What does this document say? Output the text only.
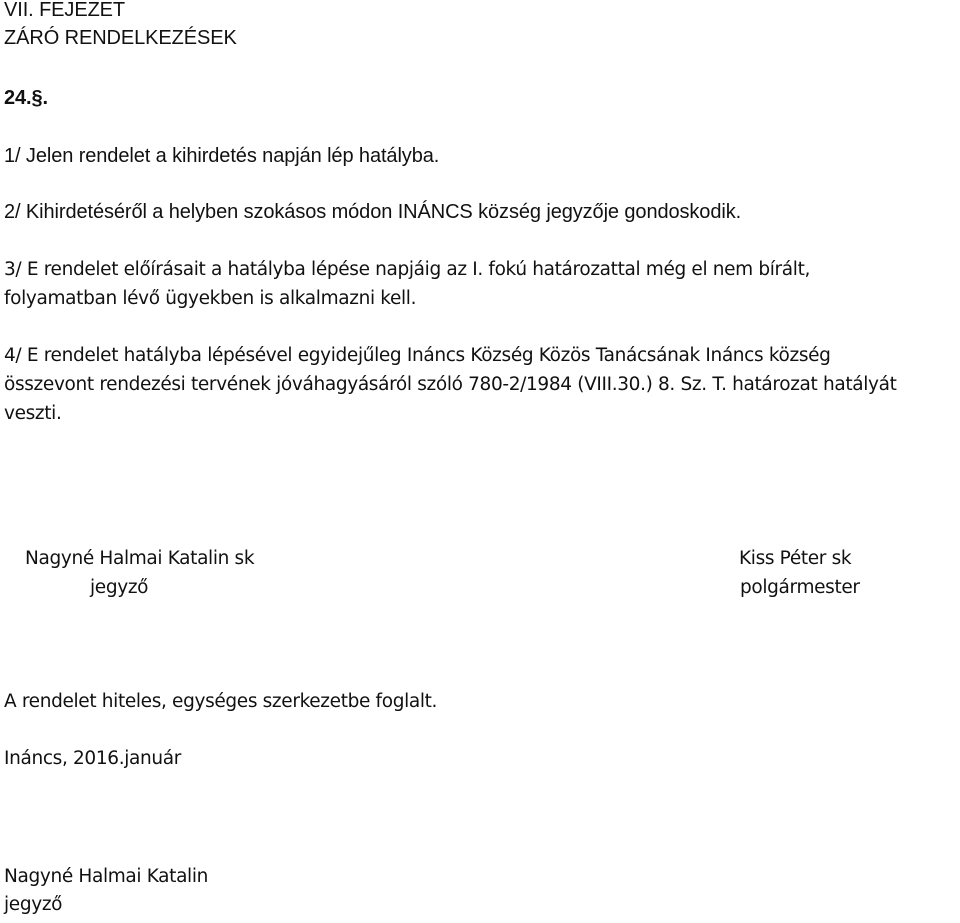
VII. FEJEZET
ZÁRÓ RENDELKEZÉSEK
24.§.
1/ Jelen rendelet a kihirdetés napján lép hatályba.
2/ Kihirdetéséről a helyben szokásos módon INÁNCS község jegyzője gondoskodik.
3/ E rendelet előírásait a hatályba lépése napjáig az I. fokú határozattal még el nem bírált,
folyamatban lévő ügyekben is alkalmazni kell.
4/ E rendelet hatályba lépésével egyidejűleg Ináncs Község Közös Tanácsának Ináncs község
összevont rendezési tervének jóváhagyásáról szóló 780-2/1984 (VIII.30.) 8. Sz. T. határozat hatályát
veszti.
Nagyné Halmai Katalin sk
jegyző
Kiss Péter sk
polgármester
A rendelet hiteles, egységes szerkezetbe foglalt.
Ináncs, 2016.január
Nagyné Halmai Katalin
jegyző
